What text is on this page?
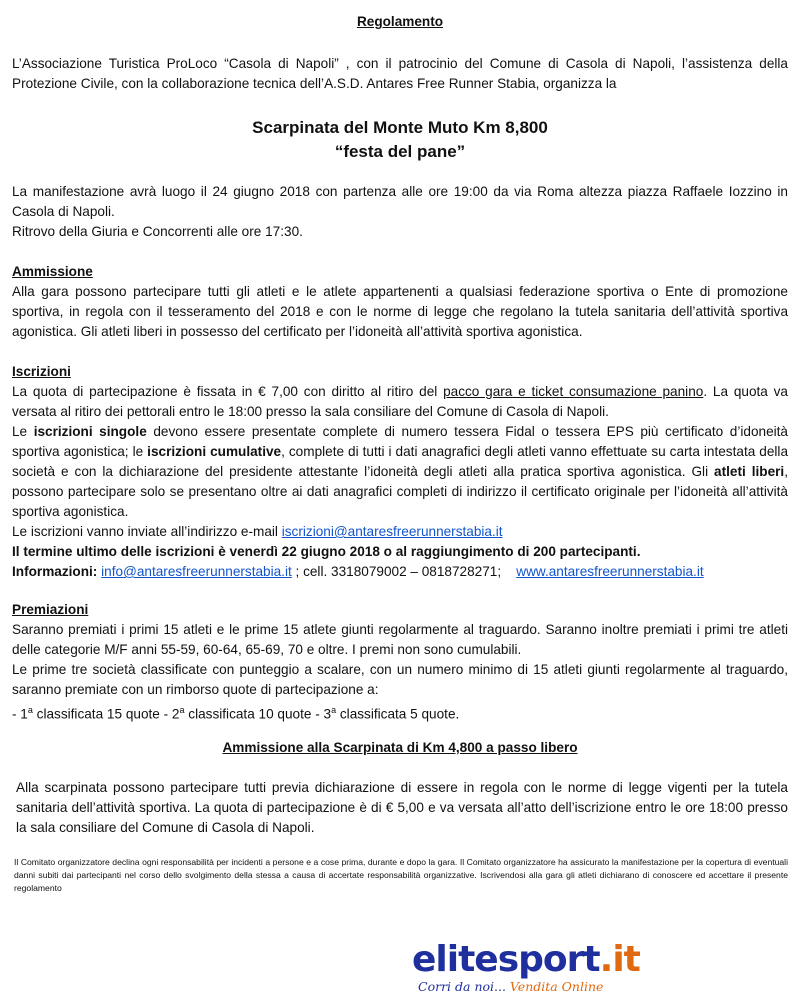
Regolamento
L’Associazione Turistica ProLoco “Casola di Napoli” , con il patrocinio del Comune di Casola di Napoli, l’assistenza della Protezione Civile, con la collaborazione tecnica dell’A.S.D. Antares Free Runner Stabia, organizza la
Scarpinata del Monte Muto Km 8,800
“festa del pane”
La manifestazione avrà luogo il 24 giugno 2018 con partenza alle ore 19:00 da via Roma altezza piazza Raffaele Iozzino in Casola di Napoli.
Ritrovo della Giuria e Concorrenti alle ore 17:30.
Ammissione
Alla gara possono partecipare tutti gli atleti e le atlete appartenenti a qualsiasi federazione sportiva o Ente di promozione sportiva, in regola con il tesseramento del 2018 e con le norme di legge che regolano la tutela sanitaria dell’attività sportiva agonistica. Gli atleti liberi in possesso del certificato per l’idoneità all’attività sportiva agonistica.
Iscrizioni
La quota di partecipazione è fissata in € 7,00 con diritto al ritiro del pacco gara e ticket consumazione panino. La quota va versata al ritiro dei pettorali entro le 18:00 presso la sala consiliare del Comune di Casola di Napoli.
Le iscrizioni singole devono essere presentate complete di numero tessera Fidal o tessera EPS più certificato d’idoneità sportiva agonistica; le iscrizioni cumulative, complete di tutti i dati anagrafici degli atleti vanno effettuate su carta intestata della società e con la dichiarazione del presidente attestante l’idoneità degli atleti alla pratica sportiva agonistica. Gli atleti liberi, possono partecipare solo se presentano oltre ai dati anagrafici completi di indirizzo il certificato originale per l’idoneità all’attività sportiva agonistica.
Le iscrizioni vanno inviate all’indirizzo e-mail iscrizioni@antaresfreerunnerstabia.it
Il termine ultimo delle iscrizioni è venerdì 22 giugno 2018 o al raggiungimento di 200 partecipanti.
Informazioni: info@antaresfreerunnerstabia.it ; cell. 3318079002 – 0818728271;    www.antaresfreerunnerstabia.it
Premiazioni
Saranno premiati i primi 15 atleti e le prime 15 atlete giunti regolarmente al traguardo. Saranno inoltre premiati i primi tre atleti delle categorie M/F anni 55-59, 60-64, 65-69, 70 e oltre. I premi non sono cumulabili.
Le prime tre società classificate con punteggio a scalare, con un numero minimo di 15 atleti giunti regolarmente al traguardo, saranno premiate con un rimborso quote di partecipazione a:
- 1$^a$ classificata 15 quote - 2$^a$ classificata 10 quote - 3$^a$ classificata 5 quote.
Ammissione alla Scarpinata di Km 4,800 a passo libero
Alla scarpinata possono partecipare tutti previa dichiarazione di essere in regola con le norme di legge vigenti per la tutela sanitaria dell’attività sportiva. La quota di partecipazione è di € 5,00 e va versata all’atto dell’iscrizione entro le ore 18:00 presso la sala consiliare del Comune di Casola di Napoli.
Il Comitato organizzatore declina ogni responsabilità per incidenti a persone e a cose prima, durante e dopo la gara. Il Comitato organizzatore ha assicurato la manifestazione per la copertura di eventuali danni subiti dai partecipanti nel corso dello svolgimento della stessa a causa di accertate responsabilità organizzative. Iscrivendosi alla gara gli atleti dichiarano di conoscere ed accettare il presente regolamento
elitesport.it
Corri da noi... Vendita Online
